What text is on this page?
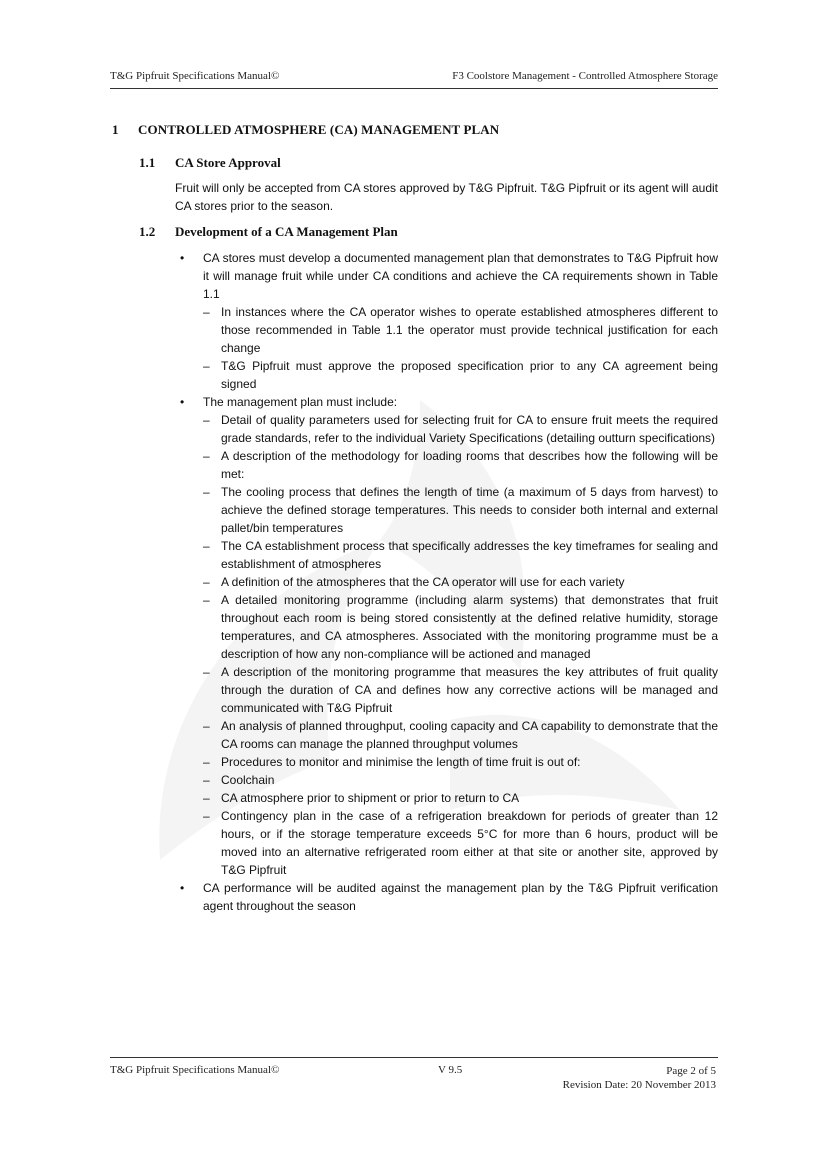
T&G Pipfruit Specifications Manual©	F3 Coolstore Management - Controlled Atmosphere Storage
1 CONTROLLED ATMOSPHERE (CA) MANAGEMENT PLAN
1.1 CA Store Approval
Fruit will only be accepted from CA stores approved by T&G Pipfruit. T&G Pipfruit or its agent will audit CA stores prior to the season.
1.2 Development of a CA Management Plan
• CA stores must develop a documented management plan that demonstrates to T&G Pipfruit how it will manage fruit while under CA conditions and achieve the CA requirements shown in Table 1.1
– In instances where the CA operator wishes to operate established atmospheres different to those recommended in Table 1.1 the operator must provide technical justification for each change
– T&G Pipfruit must approve the proposed specification prior to any CA agreement being signed
• The management plan must include:
– Detail of quality parameters used for selecting fruit for CA to ensure fruit meets the required grade standards, refer to the individual Variety Specifications (detailing outturn specifications)
– A description of the methodology for loading rooms that describes how the following will be met:
– The cooling process that defines the length of time (a maximum of 5 days from harvest) to achieve the defined storage temperatures. This needs to consider both internal and external pallet/bin temperatures
– The CA establishment process that specifically addresses the key timeframes for sealing and establishment of atmospheres
– A definition of the atmospheres that the CA operator will use for each variety
– A detailed monitoring programme (including alarm systems) that demonstrates that fruit throughout each room is being stored consistently at the defined relative humidity, storage temperatures, and CA atmospheres. Associated with the monitoring programme must be a description of how any non-compliance will be actioned and managed
– A description of the monitoring programme that measures the key attributes of fruit quality through the duration of CA and defines how any corrective actions will be managed and communicated with T&G Pipfruit
– An analysis of planned throughput, cooling capacity and CA capability to demonstrate that the CA rooms can manage the planned throughput volumes
– Procedures to monitor and minimise the length of time fruit is out of:
– Coolchain
– CA atmosphere prior to shipment or prior to return to CA
– Contingency plan in the case of a refrigeration breakdown for periods of greater than 12 hours, or if the storage temperature exceeds 5°C for more than 6 hours, product will be moved into an alternative refrigerated room either at that site or another site, approved by T&G Pipfruit
• CA performance will be audited against the management plan by the T&G Pipfruit verification agent throughout the season
T&G Pipfruit Specifications Manual©	V 9.5	Page 2 of 5
Revision Date: 20 November 2013
